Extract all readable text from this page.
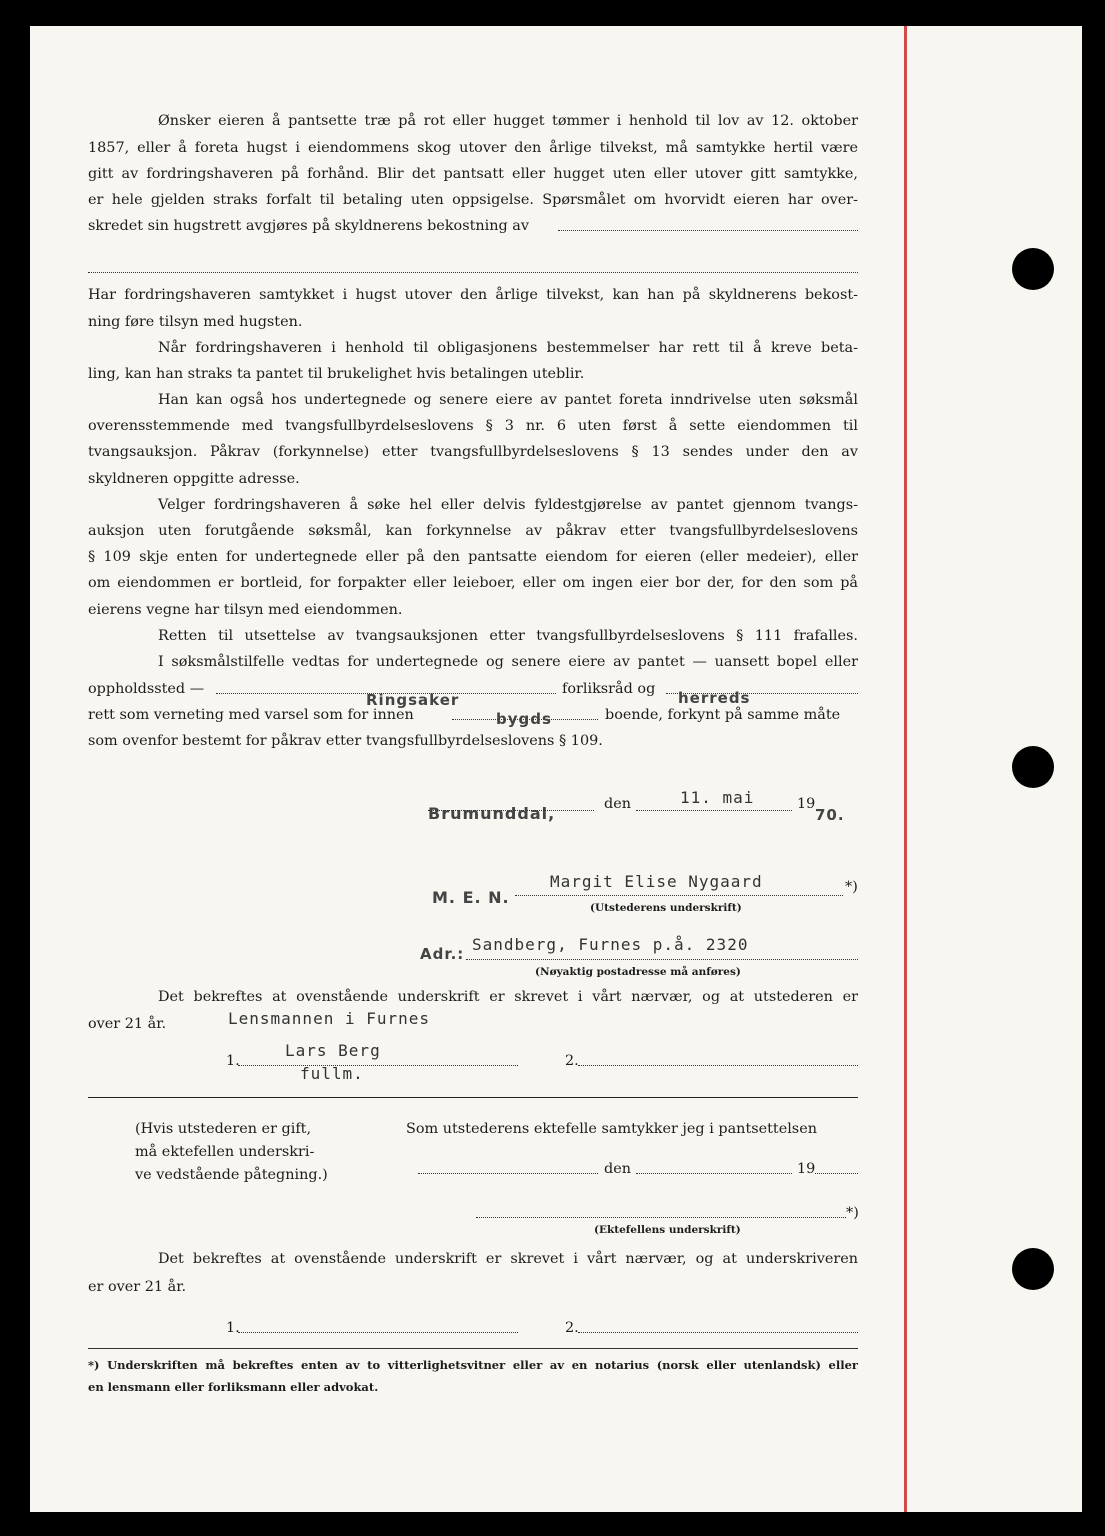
Ønsker eieren å pantsette træ på rot eller hugget tømmer i henhold til lov av 12. oktober
1857, eller å foreta hugst i eiendommens skog utover den årlige tilvekst, må samtykke hertil være
gitt av fordringshaveren på forhånd. Blir det pantsatt eller hugget uten eller utover gitt samtykke,
er hele gjelden straks forfalt til betaling uten oppsigelse. Spørsmålet om hvorvidt eieren har over-
skredet sin hugstrett avgjøres på skyldnerens bekostning av
Har fordringshaveren samtykket i hugst utover den årlige tilvekst, kan han på skyldnerens bekost-
ning føre tilsyn med hugsten.
Når fordringshaveren i henhold til obligasjonens bestemmelser har rett til å kreve beta-
ling, kan han straks ta pantet til brukelighet hvis betalingen uteblir.
Han kan også hos undertegnede og senere eiere av pantet foreta inndrivelse uten søksmål
overensstemmende med tvangsfullbyrdelseslovens § 3 nr. 6 uten først å sette eiendommen til
tvangsauksjon. Påkrav (forkynnelse) etter tvangsfullbyrdelseslovens § 13 sendes under den av
skyldneren oppgitte adresse.
Velger fordringshaveren å søke hel eller delvis fyldestgjørelse av pantet gjennom tvangs-
auksjon uten forutgående søksmål, kan forkynnelse av påkrav etter tvangsfullbyrdelseslovens
§ 109 skje enten for undertegnede eller på den pantsatte eiendom for eieren (eller medeier), eller
om eiendommen er bortleid, for forpakter eller leieboer, eller om ingen eier bor der, for den som på
eierens vegne har tilsyn med eiendommen.
Retten til utsettelse av tvangsauksjonen etter tvangsfullbyrdelseslovens § 111 frafalles.
I søksmålstilfelle vedtas for undertegnede og senere eiere av pantet — uansett bopel eller
oppholdssted —	forliksråd og
Ringsaker	herreds
rett som verneting med varsel som for innen	bygds	boende, forkynt på samme måte
som ovenfor bestemt for påkrav etter tvangsfullbyrdelseslovens § 109.
Brumunddal,	den	11. mai	19
70.
M. E. N.
Margit Elise Nygaard	*)
(Utstederens underskrift)
Adr.: Sandberg, Furnes p.å. 2320
(Nøyaktig postadresse må anføres)
Det bekreftes at ovenstående underskrift er skrevet i vårt nærvær, og at utstederen er
over 21 år.	Lensmannen i Furnes
1.
Lars Berg
fullm.
2.
(Hvis utstederen er gift,
må ektefellen underskri-
ve vedstående påtegning.)
Som utstederens ektefelle samtykker jeg i pantsettelsen
den	19
*)
(Ektefellens underskrift)
Det bekreftes at ovenstående underskrift er skrevet i vårt nærvær, og at underskriveren
er over 21 år.
1.	2.
*) Underskriften må bekreftes enten av to vitterlighetsvitner eller av en notarius (norsk eller utenlandsk) eller
en lensmann eller forliksmann eller advokat.
